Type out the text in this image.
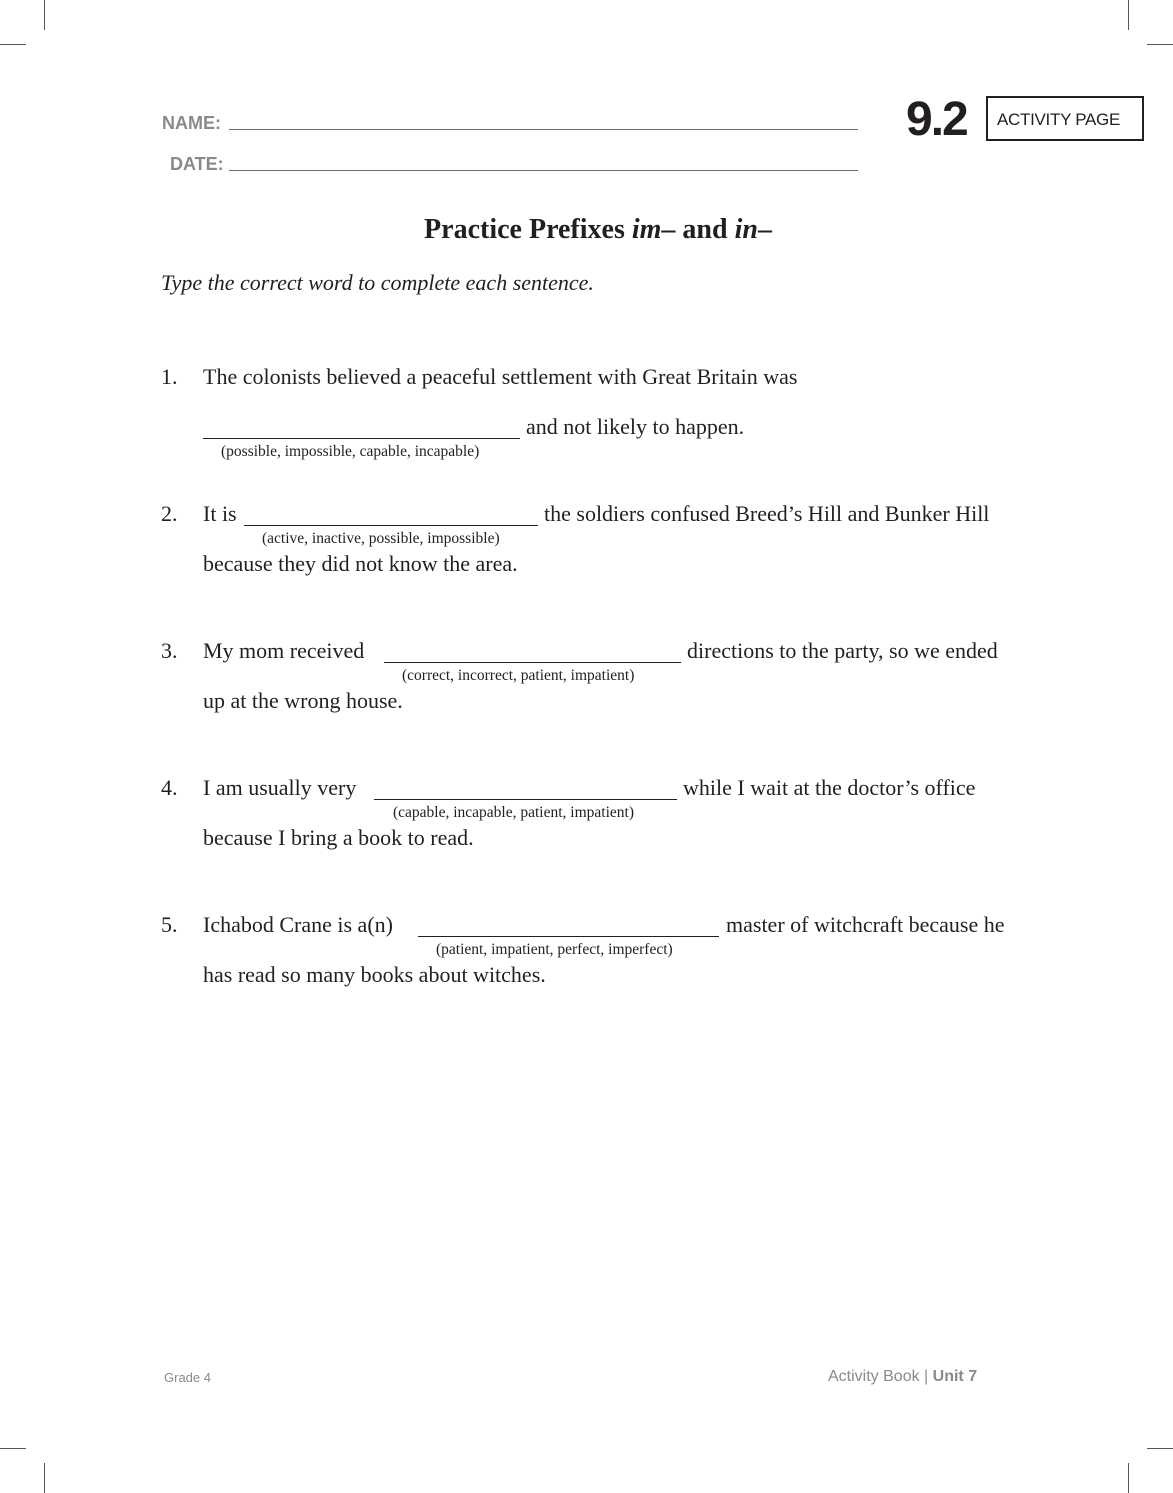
NAME:
DATE:
9.2 ACTIVITY PAGE
Practice Prefixes im– and in–
Type the correct word to complete each sentence.
1. The colonists believed a peaceful settlement with Great Britain was
and not likely to happen.
(possible, impossible, capable, incapable)
2. It is	the soldiers confused Breed’s Hill and Bunker Hill
(active, inactive, possible, impossible)
because they did not know the area.
3. My mom received	directions to the party, so we ended
(correct, incorrect, patient, impatient)
up at the wrong house.
4. I am usually very	while I wait at the doctor’s office
(capable, incapable, patient, impatient)
because I bring a book to read.
5. Ichabod Crane is a(n)	master of witchcraft because he
(patient, impatient, perfect, imperfect)
has read so many books about witches.
Grade 4	Activity Book | Unit 7
